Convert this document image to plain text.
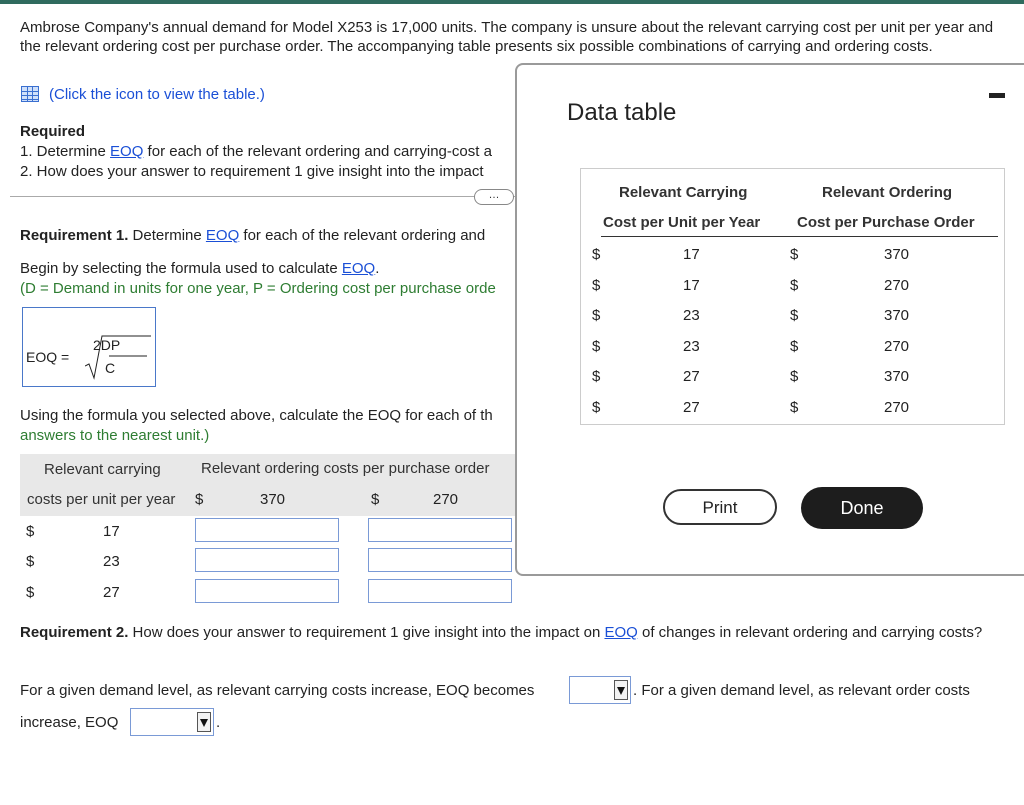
Ambrose Company's annual demand for Model X253 is 17,000 units. The company is unsure about the relevant carrying cost per unit per year and the relevant ordering cost per purchase order. The accompanying table presents six possible combinations of carrying and ordering costs.

(Click the icon to view the table.)
Required
1. Determine EOQ for each of the relevant ordering and carrying-cost a
2. How does your answer to requirement 1 give insight into the impact
…
Requirement 1. Determine EOQ for each of the relevant ordering and
Begin by selecting the formula used to calculate EOQ.
(D = Demand in units for one year, P = Ordering cost per purchase orde
EOQ =
2DP
C
Using the formula you selected above, calculate the EOQ for each of th
answers to the nearest unit.)
Relevant carrying
costs per unit per year
Relevant ordering costs per purchase order
$	370	$	270
$	17
$	23
$	27

Requirement 2. How does your answer to requirement 1 give insight into the impact on EOQ of changes in relevant ordering and carrying costs?

For a given demand level, as relevant carrying costs increase, EOQ becomes	. For a given demand level, as relevant order costs
increase, EOQ	.
Data table
Relevant Carrying
Cost per Unit per Year
Relevant Ordering
Cost per Purchase Order
$	17	$	370
$	17	$	270
$	23	$	370
$	23	$	270
$	27	$	370
$	27	$	270
Print	Done
